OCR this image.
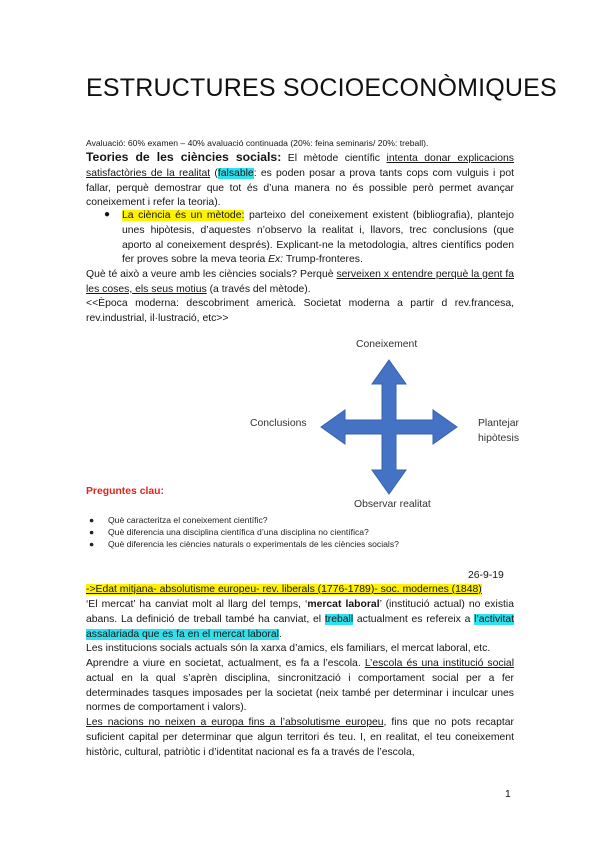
ESTRUCTURES SOCIOECONÒMIQUES
Avaluació: 60% examen – 40% avaluació continuada (20%: feina seminaris/ 20%: treball).
Teories de les ciències socials: El mètode científic intenta donar explicacions satisfactòries de la realitat (falsable: es poden posar a prova tants cops com vulguis i pot fallar, perquè demostrar que tot és d’una manera no és possible però permet avançar coneixement i refer la teoria).
● La ciència és un mètode: parteixo del coneixement existent (bibliografia), plantejo unes hipòtesis, d’aquestes n’observo la realitat i, llavors, trec conclusions (que aporto al coneixement després). Explicant-ne la metodologia, altres científics poden fer proves sobre la meva teoria Ex: Trump-fronteres.
Què té això a veure amb les ciències socials? Perquè serveixen x entendre perquè la gent fa les coses, els seus motius (a través del mètode).
<<Època moderna: descobriment americà. Societat moderna a partir d rev.francesa, rev.industrial, il·lustració, etc>>
Coneixement
Conclusions	Plantejar
hipòtesis
Observar realitat
Preguntes clau:
● Què caracteritza el coneixement científic?
● Què diferencia una disciplina científica d’una disciplina no científica?
● Què diferencia les ciències naturals o experimentals de les ciències socials?
26-9-19
->Edat mitjana- absolutisme europeu- rev. liberals (1776-1789)- soc. modernes (1848)
‘El mercat’ ha canviat molt al llarg del temps, ‘mercat laboral’ (institució actual) no existia abans. La definició de treball també ha canviat, el treball actualment es refereix a l’activitat assalariada que es fa en el mercat laboral.
Les institucions socials actuals són la xarxa d’amics, els familiars, el mercat laboral, etc.
Aprendre a viure en societat, actualment, es fa a l’escola. L’escola és una institució social actual en la qual s’aprèn disciplina, sincronització i comportament social per a fer determinades tasques imposades per la societat (neix també per determinar i inculcar unes normes de comportament i valors).
Les nacions no neixen a europa fins a l’absolutisme europeu, fins que no pots recaptar suficient capital per determinar que algun territori és teu. I, en realitat, el teu coneixement històric, cultural, patriòtic i d’identitat nacional es fa a través de l’escola,
1
